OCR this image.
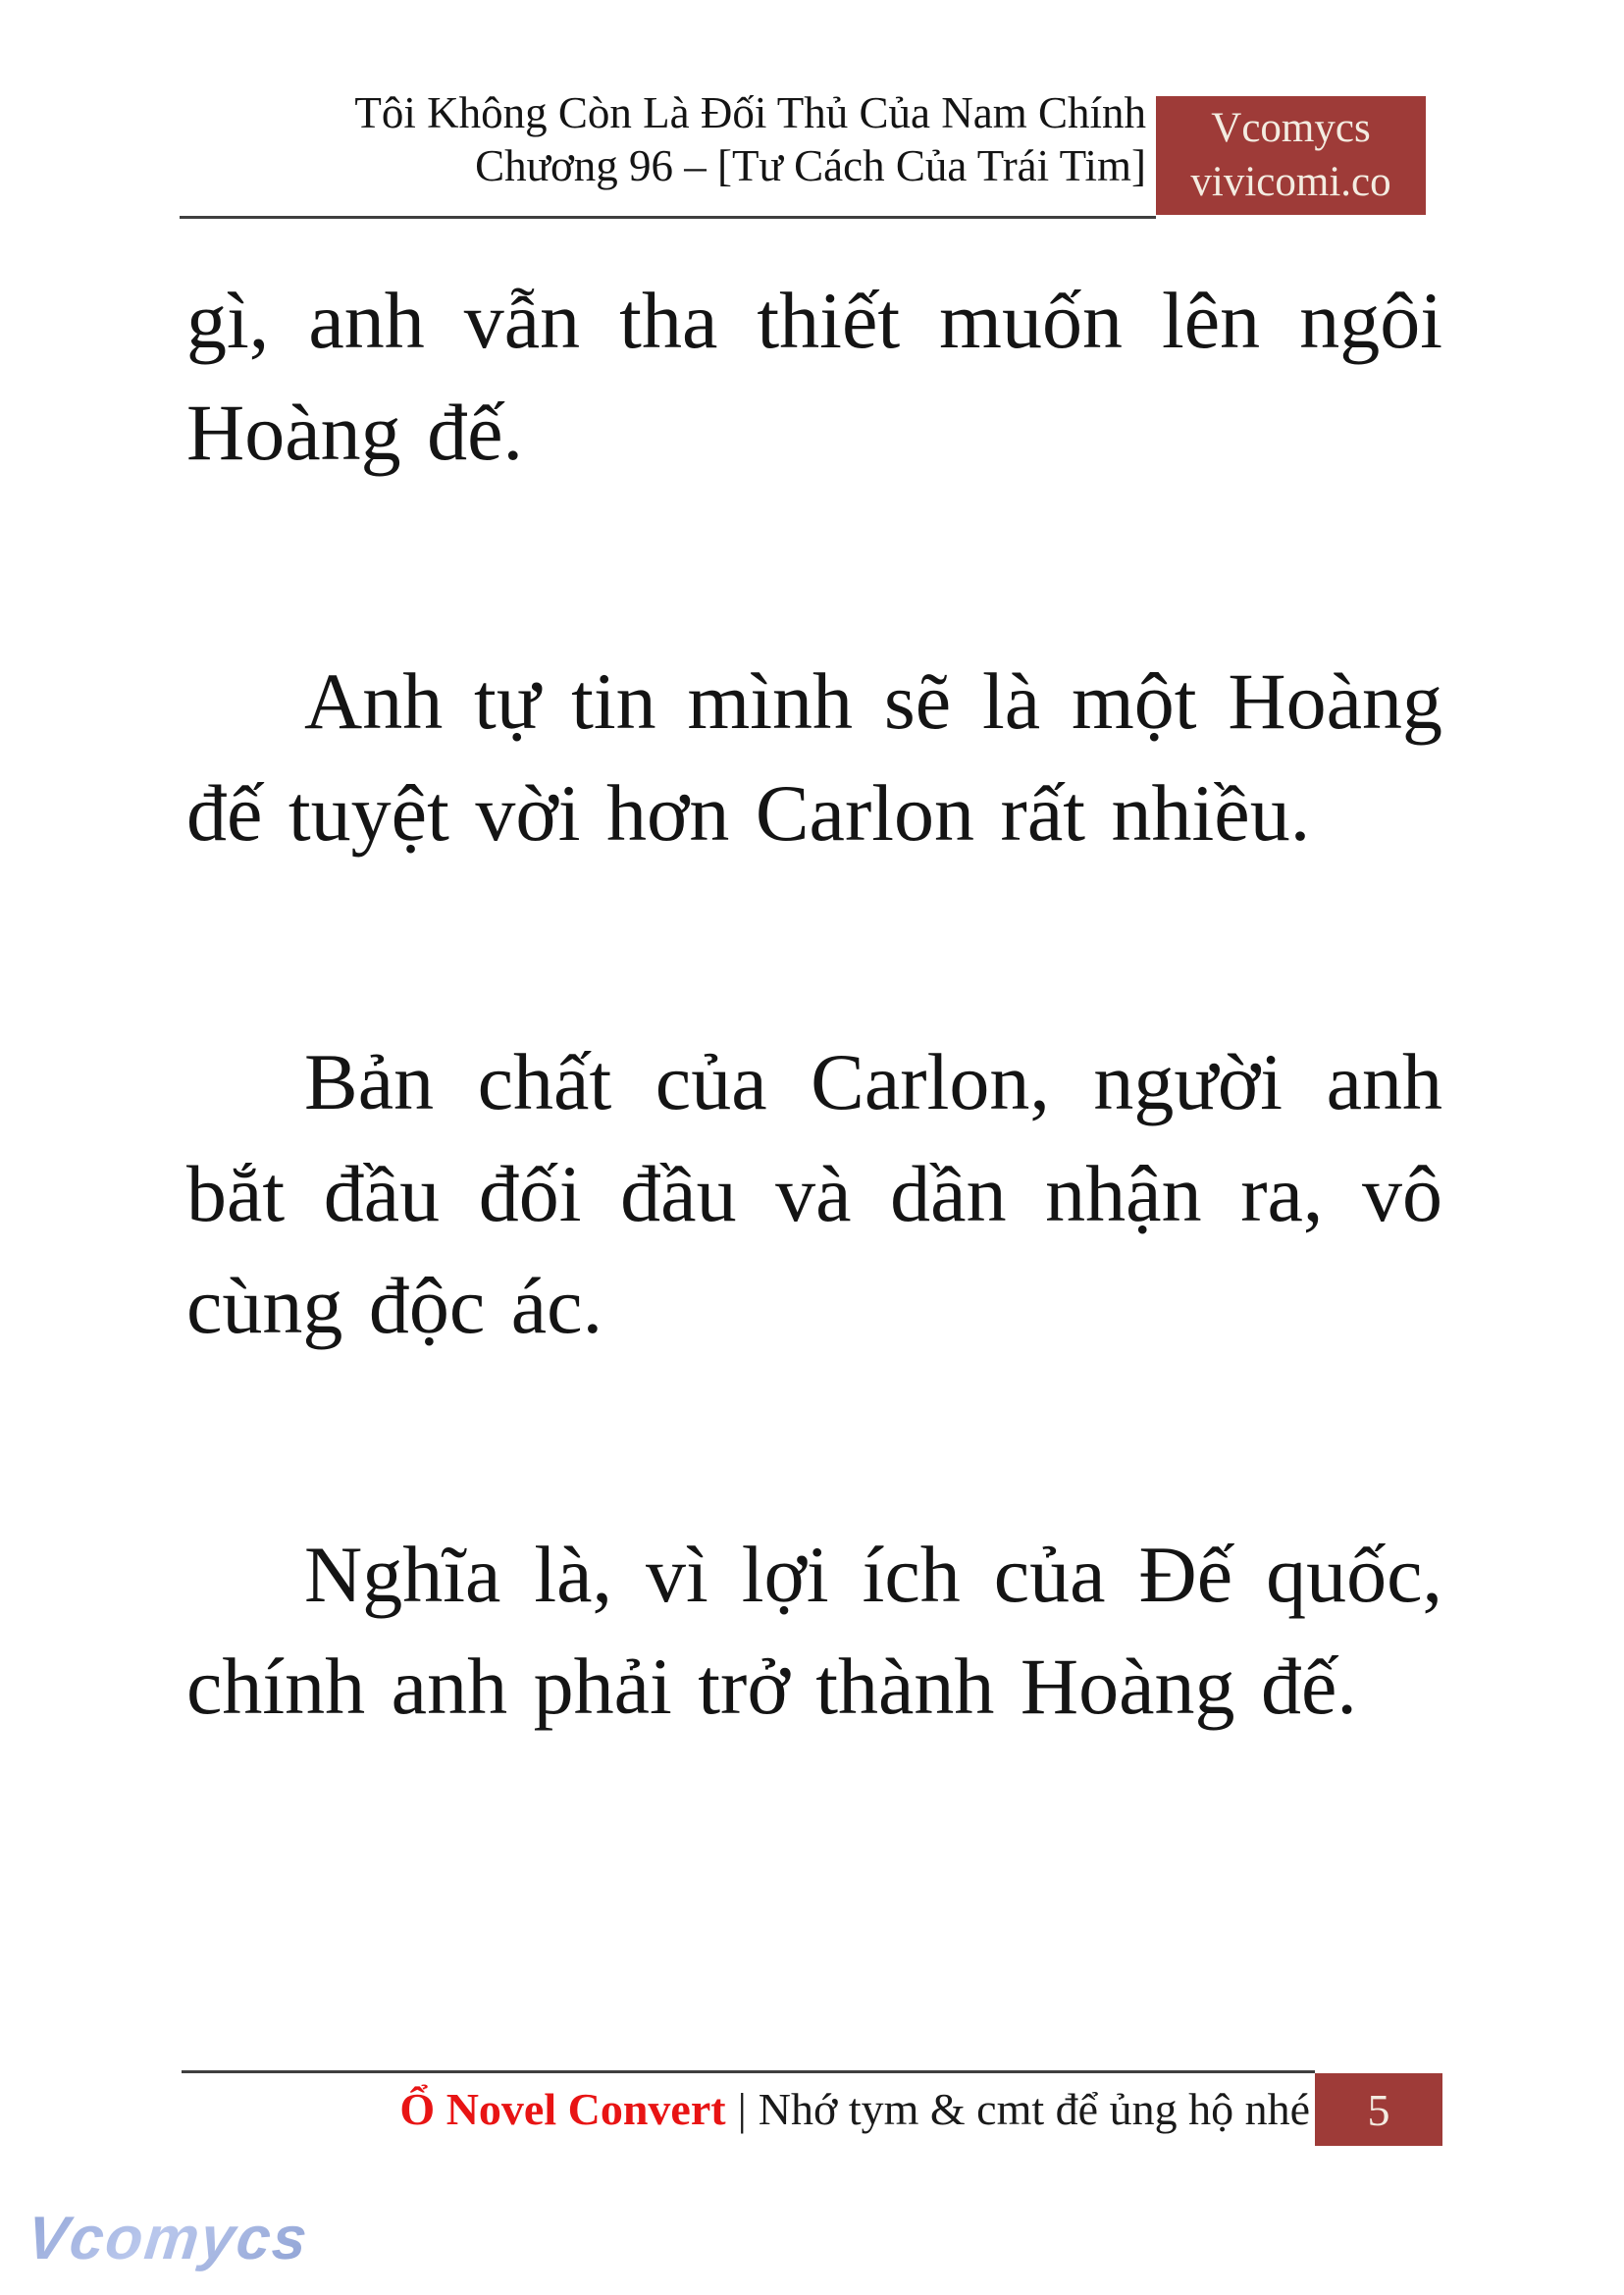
Tôi Không Còn Là Đối Thủ Của Nam Chính
Chương 96 – [Tư Cách Của Trái Tim]
Vcomycs
vivicomi.co

gì, anh vẫn tha thiết muốn lên ngôi Hoàng đế.

Anh tự tin mình sẽ là một Hoàng đế tuyệt vời hơn Carlon rất nhiều.

Bản chất của Carlon, người anh bắt đầu đối đầu và dần nhận ra, vô cùng độc ác.

Nghĩa là, vì lợi ích của Đế quốc, chính anh phải trở thành Hoàng đế.

Ổ Novel Convert | Nhớ tym & cmt để ủng hộ nhé 5
Vcomycs
